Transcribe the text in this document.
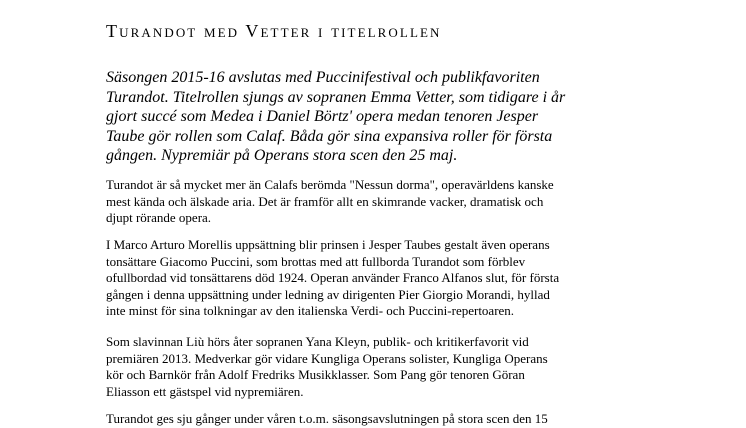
Turandot med Vetter i titelrollen
Säsongen 2015-16 avslutas med Puccinifestival och publikfavoriten
Turandot. Titelrollen sjungs av sopranen Emma Vetter, som tidigare i år
gjort succé som Medea i Daniel Börtz' opera medan tenoren Jesper
Taube gör rollen som Calaf. Båda gör sina expansiva roller för första
gången. Nypremiär på Operans stora scen den 25 maj.
Turandot är så mycket mer än Calafs berömda "Nessun dorma", operavärldens kanske
mest kända och älskade aria. Det är framför allt en skimrande vacker, dramatisk och
djupt rörande opera.
I Marco Arturo Morellis uppsättning blir prinsen i Jesper Taubes gestalt även operans
tonsättare Giacomo Puccini, som brottas med att fullborda Turandot som förblev
ofullbordad vid tonsättarens död 1924. Operan använder Franco Alfanos slut, för första
gången i denna uppsättning under ledning av dirigenten Pier Giorgio Morandi, hyllad
inte minst för sina tolkningar av den italienska Verdi- och Puccini-repertoaren.
Som slavinnan Liù hörs åter sopranen Yana Kleyn, publik- och kritikerfavorit vid
premiären 2013. Medverkar gör vidare Kungliga Operans solister, Kungliga Operans
kör och Barnkör från Adolf Fredriks Musikklasser. Som Pang gör tenoren Göran
Eliasson ett gästspel vid nypremiären.
Turandot ges sju gånger under våren t.o.m. säsongsavslutningen på stora scen den 15
